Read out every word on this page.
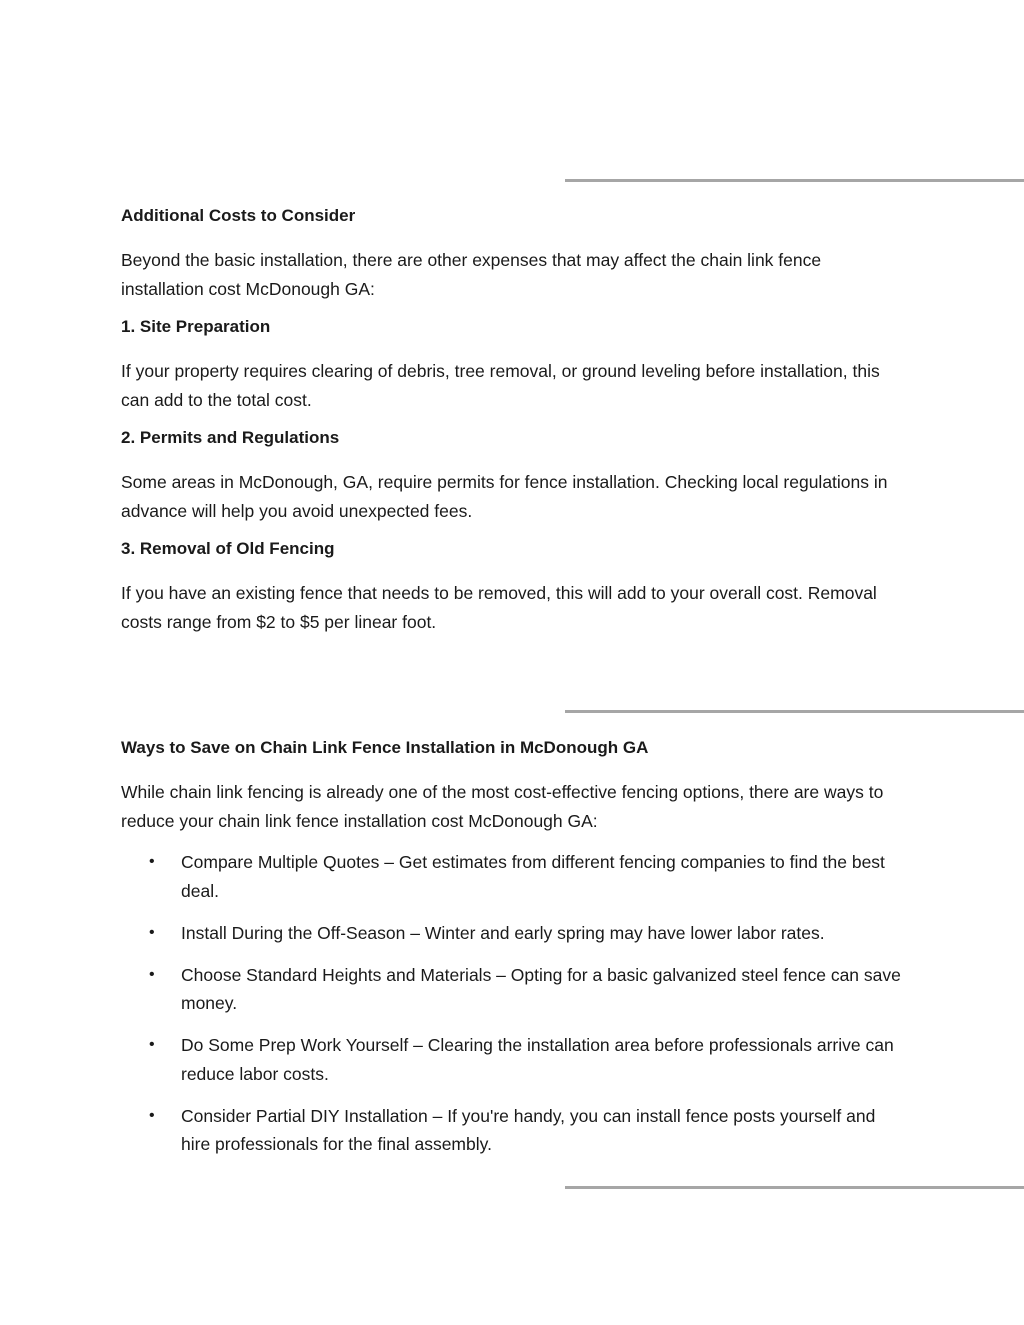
Additional Costs to Consider

Beyond the basic installation, there are other expenses that may affect the chain link fence installation cost McDonough GA:

1. Site Preparation

If your property requires clearing of debris, tree removal, or ground leveling before installation, this can add to the total cost.

2. Permits and Regulations

Some areas in McDonough, GA, require permits for fence installation. Checking local regulations in advance will help you avoid unexpected fees.

3. Removal of Old Fencing

If you have an existing fence that needs to be removed, this will add to your overall cost. Removal costs range from $2 to $5 per linear foot.

Ways to Save on Chain Link Fence Installation in McDonough GA

While chain link fencing is already one of the most cost-effective fencing options, there are ways to reduce your chain link fence installation cost McDonough GA:

• Compare Multiple Quotes – Get estimates from different fencing companies to find the best deal.
• Install During the Off-Season – Winter and early spring may have lower labor rates.
• Choose Standard Heights and Materials – Opting for a basic galvanized steel fence can save money.
• Do Some Prep Work Yourself – Clearing the installation area before professionals arrive can reduce labor costs.
• Consider Partial DIY Installation – If you're handy, you can install fence posts yourself and hire professionals for the final assembly.
